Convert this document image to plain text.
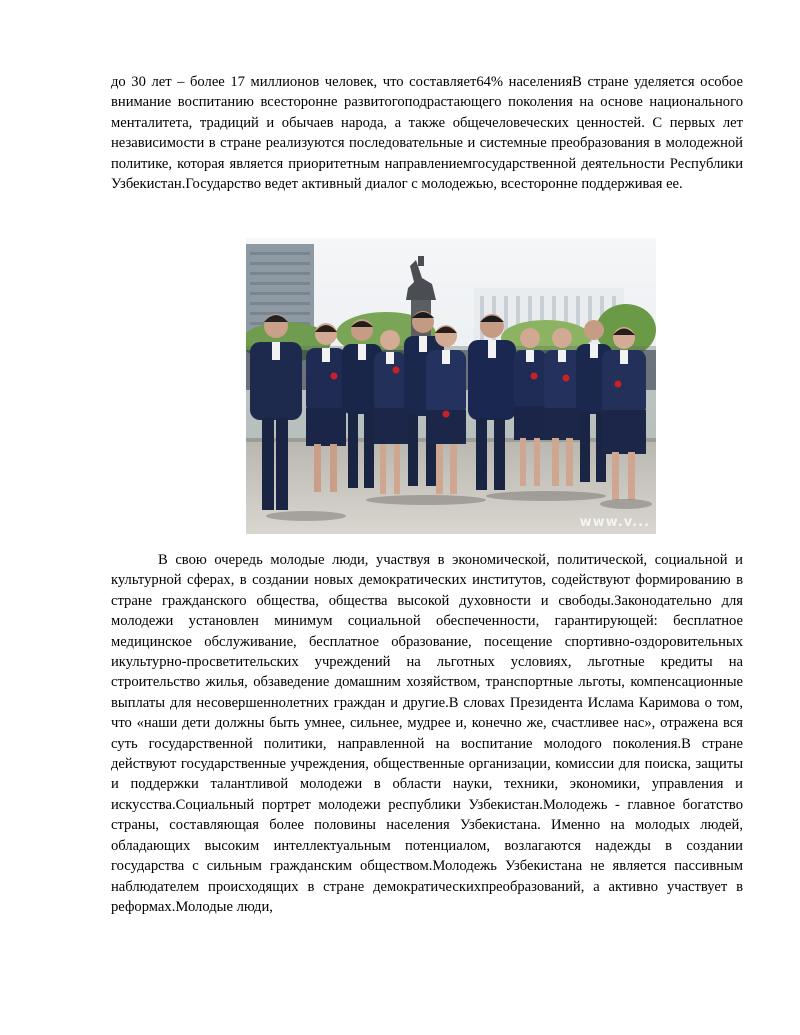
до 30 лет – более 17 миллионов человек, что составляет64% населенияВ стране уделяется особое внимание воспитанию всесторонне развитогоподрастающего поколения на основе национального менталитета, традиций и обычаев народа, а также общечеловеческих ценностей. С первых лет независимости в стране реализуются последовательные и системные преобразования в молодежной политике, которая является приоритетным направлениемгосударственной деятельности Республики Узбекистан.Государство ведет активный диалог с молодежью, всесторонне поддерживая ее.

www.v...

В свою очередь молодые люди, участвуя в экономической, политической, социальной и культурной сферах, в создании новых демократических институтов, содействуют формированию в стране гражданского общества, общества высокой духовности и свободы.Законодательно для молодежи установлен минимум социальной обеспеченности, гарантирующей: бесплатное медицинское обслуживание, бесплатное образование, посещение спортивно-оздоровительных икультурно-просветительских учреждений на льготных условиях, льготные кредиты на строительство жилья, обзаведение домашним хозяйством, транспортные льготы, компенсационные выплаты для несовершеннолетних граждан и другие.В словах Президента Ислама Каримова о том, что «наши дети должны быть умнее, сильнее, мудрее и, конечно же, счастливее нас», отражена вся суть государственной политики, направленной на воспитание молодого поколения.В стране действуют государственные учреждения, общественные организации, комиссии для поиска, защиты и поддержки талантливой молодежи в области науки, техники, экономики, управления и искусства.Социальный портрет молодежи республики Узбекистан.Молодежь - главное богатство страны, составляющая более половины населения Узбекистана. Именно на молодых людей, обладающих высоким интеллектуальным потенциалом, возлагаются надежды в создании государства с сильным гражданским обществом.Молодежь Узбекистана не является пассивным наблюдателем происходящих в стране демократическихпреобразований, а активно участвует в реформах.Молодые люди,
